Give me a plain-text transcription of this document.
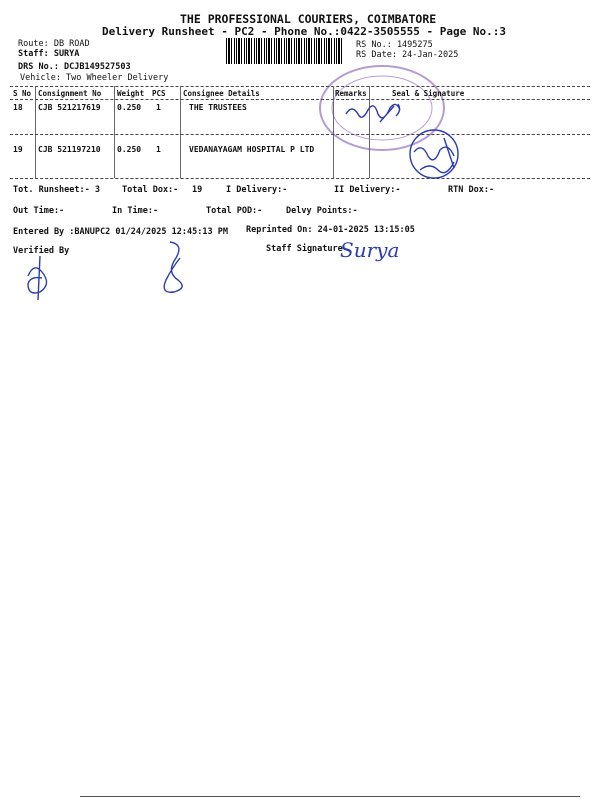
THE PROFESSIONAL COURIERS, COIMBATORE
Delivery Runsheet - PC2 - Phone No.:0422-3505555 - Page No.:3
Route: DB ROAD
Staff: SURYA
DRS No.: DCJB149527503
Vehicle: Two Wheeler Delivery
RS No.: 1495275
RS Date: 24-Jan-2025
S No Consignment No Weight PCS Consignee Details	Remarks	Seal & Signature
18 CJB 521217619 0.250 1	THE TRUSTEES
19 CJB 521197210 0.250 1	VEDANAYAGAM HOSPITAL P LTD
Tot. Runsheet:- 3	Total Dox:- 19	I Delivery:-	II Delivery:-	RTN Dox:-
Out Time:-	In Time:-	Total POD:-	Delvy Points:-
Entered By :BANUPC2 01/24/2025 12:45:13 PM Reprinted On: 24-01-2025 13:15:05
Verified By	Staff Signature
Surya
